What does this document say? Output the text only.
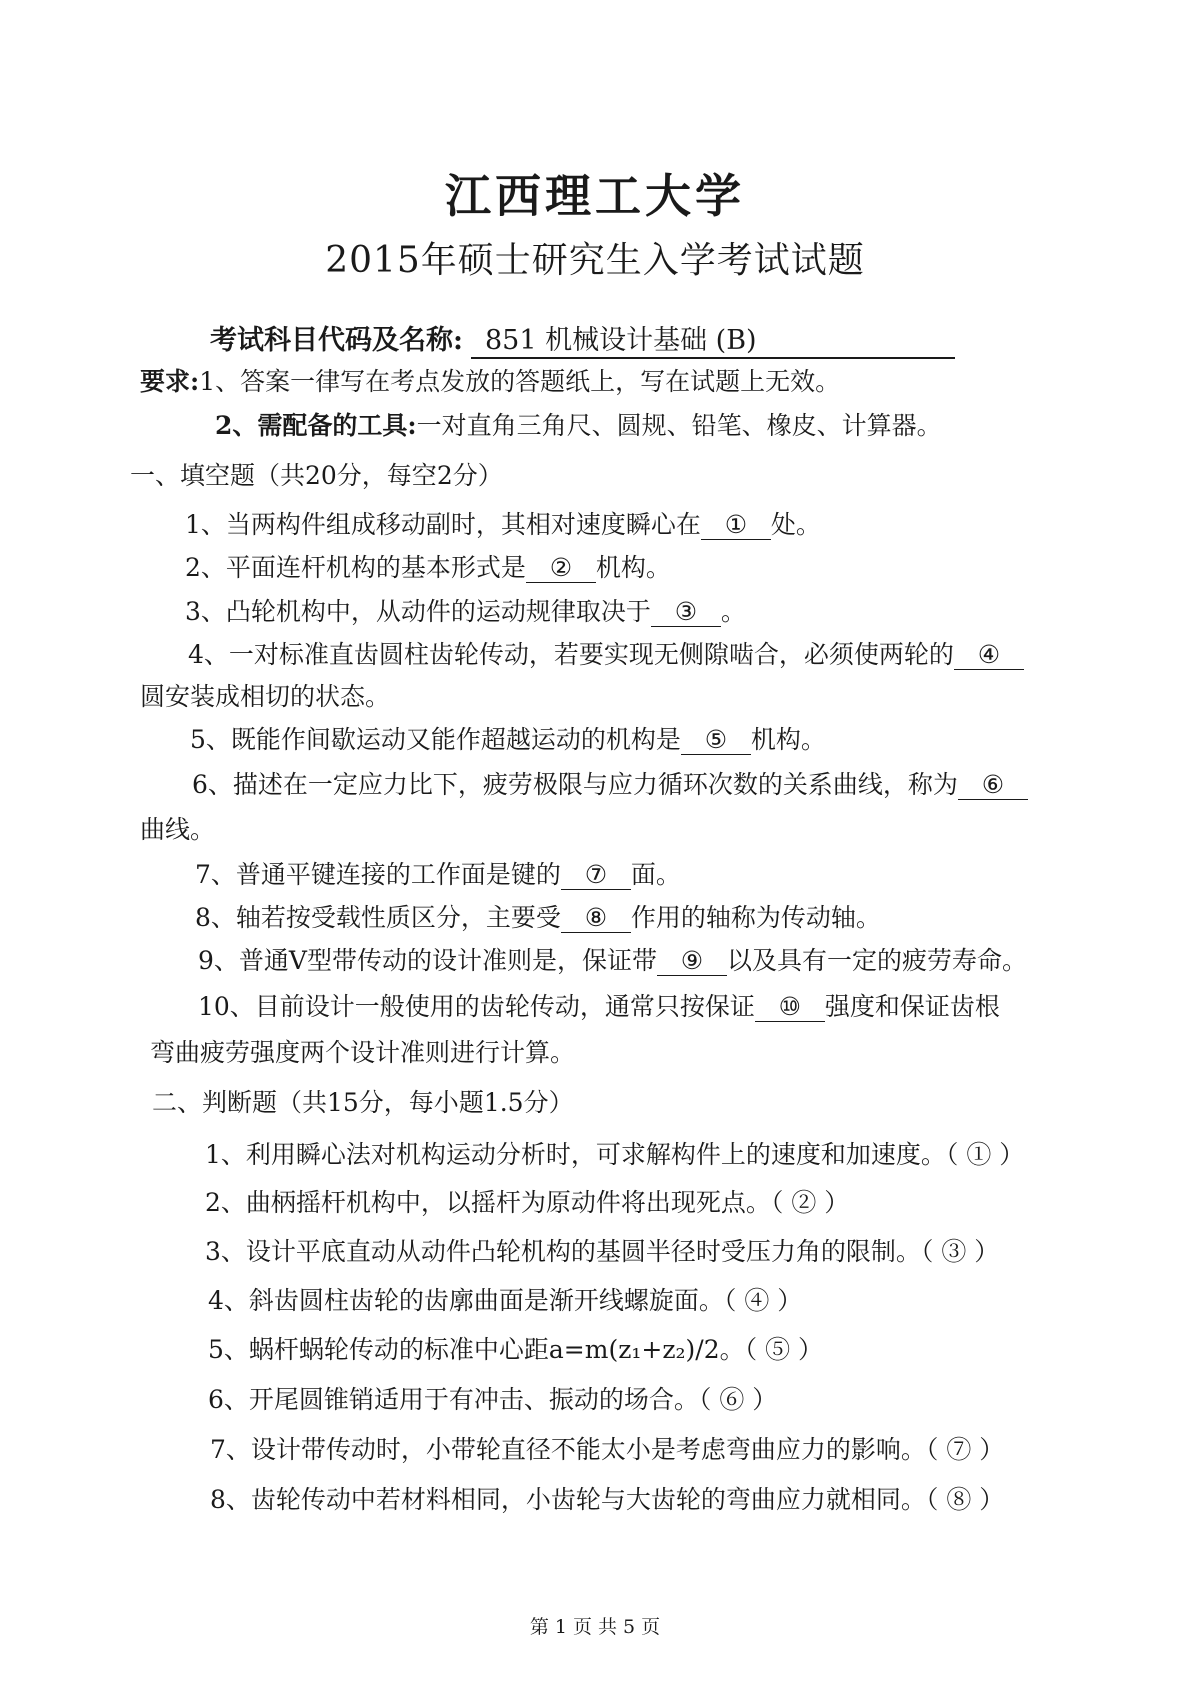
江西理工大学
2015年硕士研究生入学考试试题
考试科目代码及名称: 851 机械设计基础 (B)
要求:1、答案一律写在考点发放的答题纸上，写在试题上无效。
2、需配备的工具:一对直角三角尺、圆规、铅笔、橡皮、计算器。
一、填空题（共20分，每空2分）
1、当两构件组成移动副时，其相对速度瞬心在 ① 处。
2、平面连杆机构的基本形式是 ② 机构。
3、凸轮机构中，从动件的运动规律取决于 ③ 。
4、一对标准直齿圆柱齿轮传动，若要实现无侧隙啮合，必须使两轮的 ④
圆安装成相切的状态。
5、既能作间歇运动又能作超越运动的机构是 ⑤ 机构。
6、描述在一定应力比下，疲劳极限与应力循环次数的关系曲线，称为 ⑥
曲线。
7、普通平键连接的工作面是键的 ⑦ 面。
8、轴若按受载性质区分，主要受 ⑧ 作用的轴称为传动轴。
9、普通V型带传动的设计准则是，保证带 ⑨ 以及具有一定的疲劳寿命。
10、目前设计一般使用的齿轮传动，通常只按保证 ⑩ 强度和保证齿根
弯曲疲劳强度两个设计准则进行计算。
二、判断题（共15分，每小题1.5分）
1、利用瞬心法对机构运动分析时，可求解构件上的速度和加速度。（ ① ）
2、曲柄摇杆机构中，以摇杆为原动件将出现死点。（ ② ）
3、设计平底直动从动件凸轮机构的基圆半径时受压力角的限制。（ ③ ）
4、斜齿圆柱齿轮的齿廓曲面是渐开线螺旋面。（ ④ ）
5、蜗杆蜗轮传动的标准中心距a=m(z₁+z₂)/2。（ ⑤ ）
6、开尾圆锥销适用于有冲击、振动的场合。（ ⑥ ）
7、设计带传动时，小带轮直径不能太小是考虑弯曲应力的影响。（ ⑦ ）
8、齿轮传动中若材料相同，小齿轮与大齿轮的弯曲应力就相同。（ ⑧ ）
第 1 页 共 5 页
